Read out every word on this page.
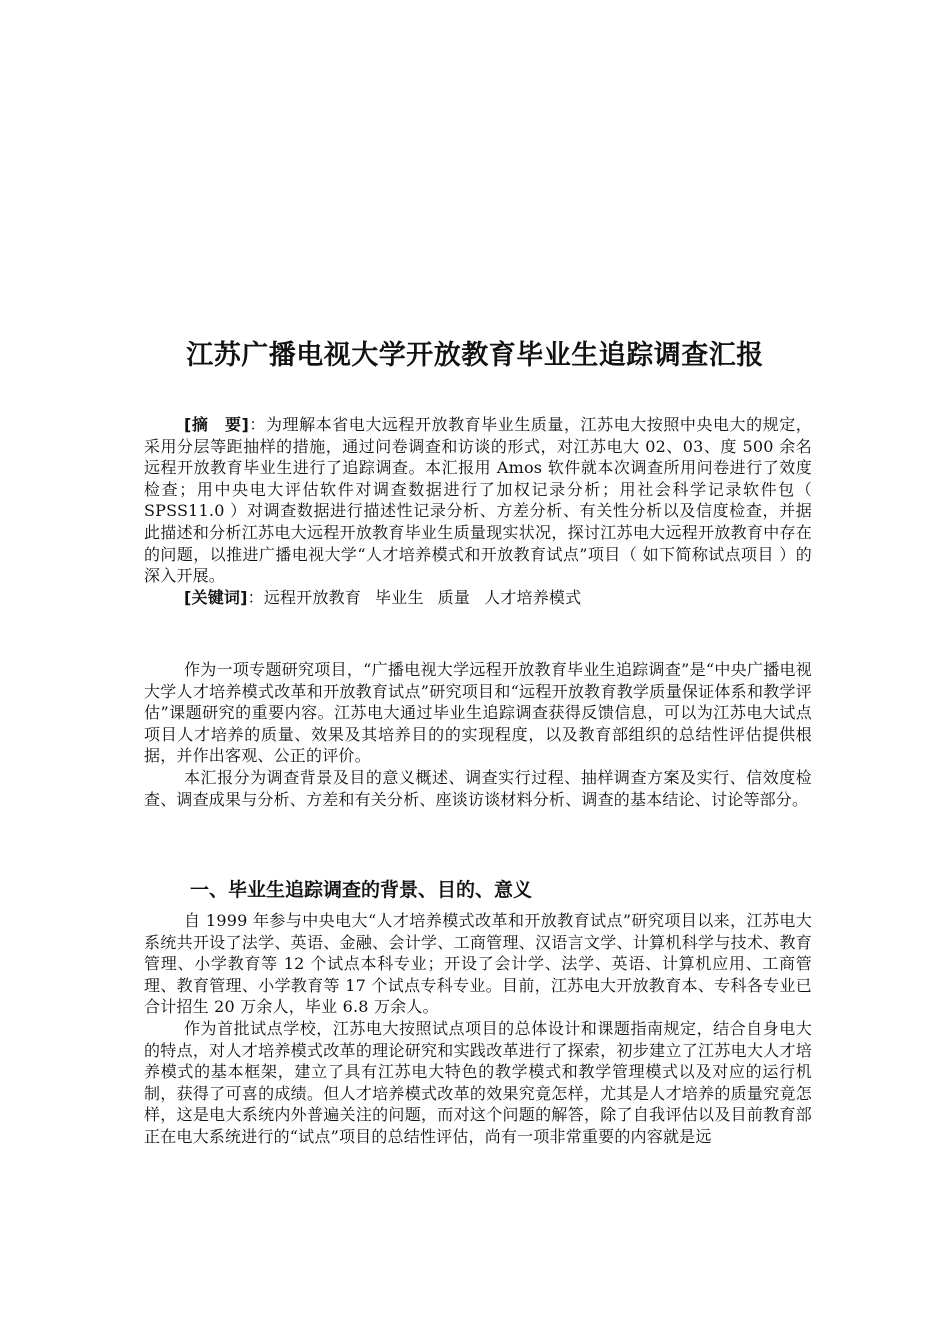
江苏广播电视大学开放教育毕业生追踪调查汇报

[摘　要]：为理解本省电大远程开放教育毕业生质量，江苏电大按照中央电大的规定，采用分层等距抽样的措施，通过问卷调查和访谈的形式，对江苏电大 02、03、度 500 余名远程开放教育毕业生进行了追踪调查。本汇报用 Amos 软件就本次调查所用问卷进行了效度检查；用中央电大评估软件对调查数据进行了加权记录分析；用社会科学记录软件包（ SPSS11.0 ）对调查数据进行描述性记录分析、方差分析、有关性分析以及信度检查，并据此描述和分析江苏电大远程开放教育毕业生质量现实状况，探讨江苏电大远程开放教育中存在的问题，以推进广播电视大学“人才培养模式和开放教育试点”项目（ 如下简称试点项目 ）的深入开展。

[关键词]：远程开放教育 毕业生 质量 人才培养模式

作为一项专题研究项目，“广播电视大学远程开放教育毕业生追踪调查”是“中央广播电视大学人才培养模式改革和开放教育试点”研究项目和“远程开放教育教学质量保证体系和教学评估”课题研究的重要内容。江苏电大通过毕业生追踪调查获得反馈信息，可以为江苏电大试点项目人才培养的质量、效果及其培养目的的实现程度，以及教育部组织的总结性评估提供根据，并作出客观、公正的评价。

本汇报分为调查背景及目的意义概述、调查实行过程、抽样调查方案及实行、信效度检查、调查成果与分析、方差和有关分析、座谈访谈材料分析、调查的基本结论、讨论等部分。

一、毕业生追踪调查的背景、目的、意义

自 1999 年参与中央电大“人才培养模式改革和开放教育试点”研究项目以来，江苏电大系统共开设了法学、英语、金融、会计学、工商管理、汉语言文学、计算机科学与技术、教育管理、小学教育等 12 个试点本科专业；开设了会计学、法学、英语、计算机应用、工商管理、教育管理、小学教育等 17 个试点专科专业。目前，江苏电大开放教育本、专科各专业已合计招生 20 万余人，毕业 6.8 万余人。

作为首批试点学校，江苏电大按照试点项目的总体设计和课题指南规定，结合自身电大的特点，对人才培养模式改革的理论研究和实践改革进行了探索，初步建立了江苏电大人才培养模式的基本框架，建立了具有江苏电大特色的教学模式和教学管理模式以及对应的运行机制，获得了可喜的成绩。但人才培养模式改革的效果究竟怎样，尤其是人才培养的质量究竟怎样，这是电大系统内外普遍关注的问题，而对这个问题的解答，除了自我评估以及目前教育部正在电大系统进行的“试点”项目的总结性评估，尚有一项非常重要的内容就是远
